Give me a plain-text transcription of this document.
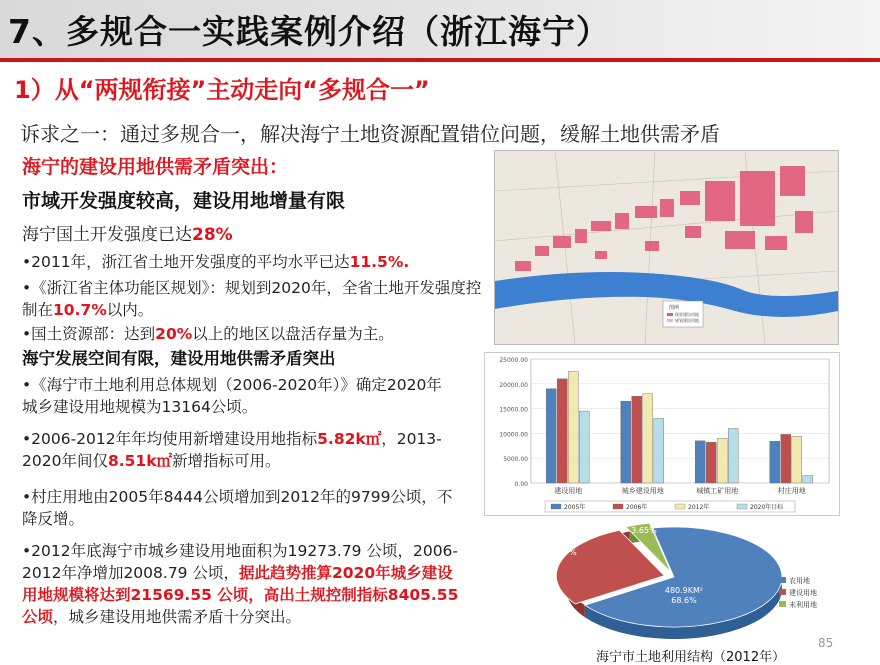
7、多规合一实践案例介绍（浙江海宁）
1）从“两规衔接”主动走向“多规合一”
诉求之一：通过多规合一，解决海宁土地资源配置错位问题，缓解土地供需矛盾
海宁的建设用地供需矛盾突出：
市域开发强度较高，建设用地增量有限
海宁国土开发强度已达28%
•2011年，浙江省土地开发强度的平均水平已达11.5%.
•《浙江省主体功能区规划》：规划到2020年，全省土地开发强度控制在10.7%以内。
•国土资源部：达到20%以上的地区以盘活存量为主。
海宁发展空间有限，建设用地供需矛盾突出
•《海宁市土地利用总体规划（2006-2020年）》确定2020年城乡建设用地规模为13164公顷。
•2006-2012年年均使用新增建设用地指标5.82k㎡，2013-2020年间仅8.51k㎡新增指标可用。
•村庄用地由2005年8444公顷增加到2012年的9799公顷，不降反增。
•2012年底海宁市城乡建设用地面积为19273.79 公顷，2006-2012年净增加2008.79 公顷，据此趋势推算2020年城乡建设用地规模将达到21569.55 公顷，高出土规控制指标8405.55公顷，城乡建设用地供需矛盾十分突出。
图例
现状建设用地
规划建设用地
25000.00
20000.00
15000.00
10000.00
5000.00
0.00
建设用地	城乡建设用地	城镇工矿用地	村庄用地
2005年	2006年	2012年	2020年目标
480.9KM²
68.6%
194.1KM²
27.7%
25.6KM²
3.65%
农用地
建设用地
未利用地
海宁市土地利用结构（2012年）
85
